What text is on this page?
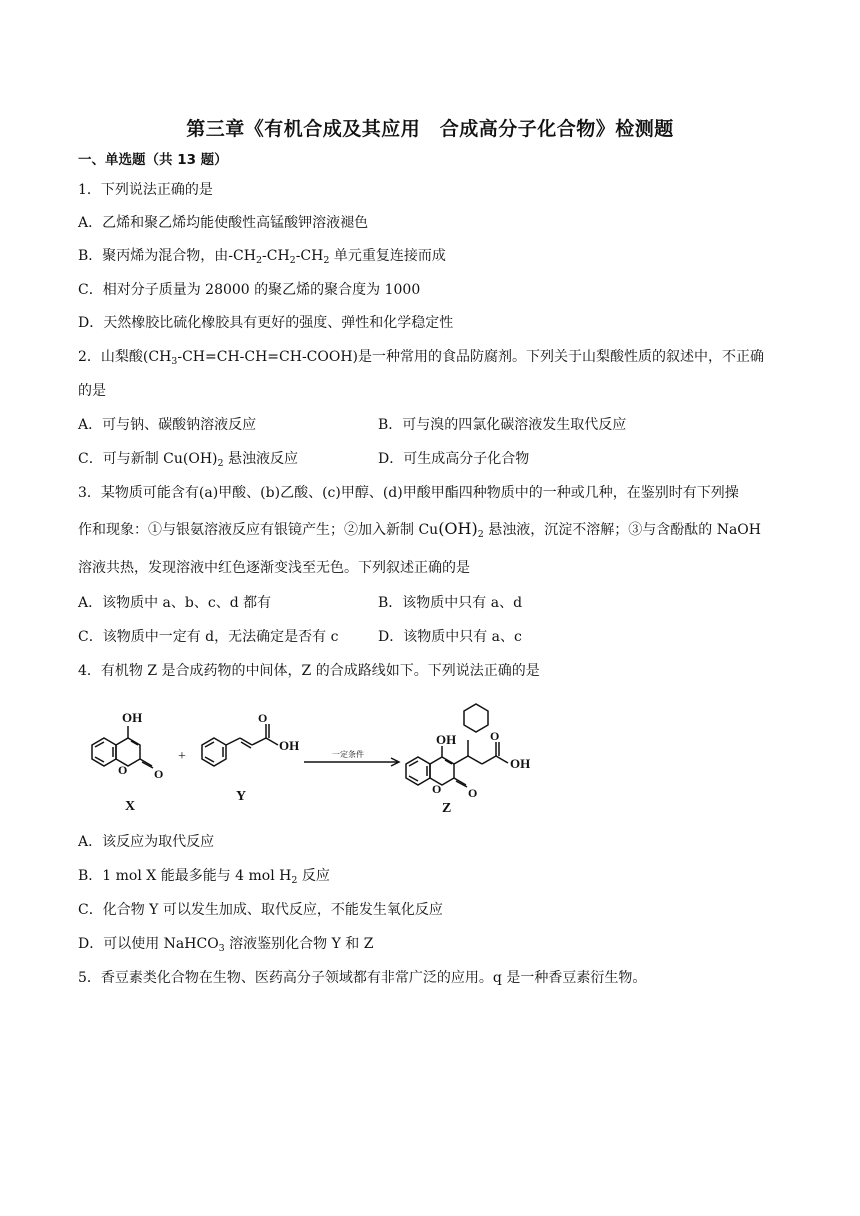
第三章《有机合成及其应用　合成高分子化合物》检测题
一、单选题（共 13 题）
1．下列说法正确的是
A．乙烯和聚乙烯均能使酸性高锰酸钾溶液褪色
B．聚丙烯为混合物，由$-CH_2-CH_2-CH_2$ 单元重复连接而成
C．相对分子质量为 28000 的聚乙烯的聚合度为 1000
D．天然橡胶比硫化橡胶具有更好的强度、弹性和化学稳定性
2．山梨酸$(CH_3-CH=CH-CH=CH-COOH)$是一种常用的食品防腐剂。下列关于山梨酸性质的叙述中，不正确
的是
A．可与钠、碳酸钠溶液反应	B．可与溴的四氯化碳溶液发生取代反应
C．可与新制 $Cu(OH)_2$ 悬浊液反应	D．可生成高分子化合物
3．某物质可能含有(a)甲酸、(b)乙酸、(c)甲醇、(d)甲酸甲酯四种物质中的一种或几种，在鉴别时有下列操
作和现象：①与银氨溶液反应有银镜产生；②加入新制 $Cu(OH)_2$ 悬浊液，沉淀不溶解；③与含酚酞的 NaOH
溶液共热，发现溶液中红色逐渐变浅至无色。下列叙述正确的是
A．该物质中 a、b、c、d 都有	B．该物质中只有 a、d
C．该物质中一定有 d，无法确定是否有 c	D．该物质中只有 a、c
4．有机物 Z 是合成药物的中间体，Z 的合成路线如下。下列说法正确的是
OH
O O
X
O
OH
Y
OH
O O
O
OH
Z
+	一定条件
A．该反应为取代反应
B．1 mol X 能最多能与 4 mol $H_2$ 反应
C．化合物 Y 可以发生加成、取代反应，不能发生氧化反应
D．可以使用 NaHCO$_3$ 溶液鉴别化合物 Y 和 Z
5．香豆素类化合物在生物、医药高分子领域都有非常广泛的应用。q 是一种香豆素衍生物。
